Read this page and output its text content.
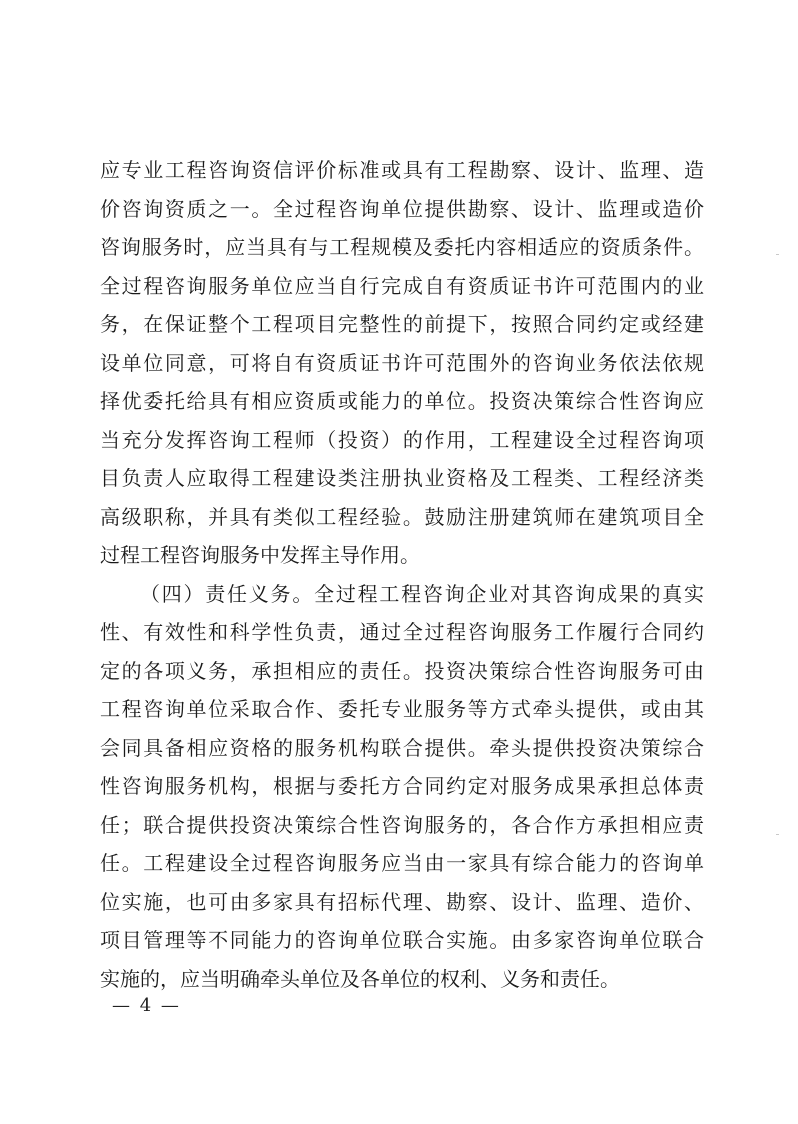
应专业工程咨询资信评价标准或具有工程勘察、设计、监理、造
价咨询资质之一。全过程咨询单位提供勘察、设计、监理或造价
咨询服务时，应当具有与工程规模及委托内容相适应的资质条件。
全过程咨询服务单位应当自行完成自有资质证书许可范围内的业
务，在保证整个工程项目完整性的前提下，按照合同约定或经建
设单位同意，可将自有资质证书许可范围外的咨询业务依法依规
择优委托给具有相应资质或能力的单位。投资决策综合性咨询应
当充分发挥咨询工程师（投资）的作用，工程建设全过程咨询项
目负责人应取得工程建设类注册执业资格及工程类、工程经济类
高级职称，并具有类似工程经验。鼓励注册建筑师在建筑项目全
过程工程咨询服务中发挥主导作用。
（四）责任义务。全过程工程咨询企业对其咨询成果的真实
性、有效性和科学性负责，通过全过程咨询服务工作履行合同约
定的各项义务，承担相应的责任。投资决策综合性咨询服务可由
工程咨询单位采取合作、委托专业服务等方式牵头提供，或由其
会同具备相应资格的服务机构联合提供。牵头提供投资决策综合
性咨询服务机构，根据与委托方合同约定对服务成果承担总体责
任；联合提供投资决策综合性咨询服务的，各合作方承担相应责
任。工程建设全过程咨询服务应当由一家具有综合能力的咨询单
位实施，也可由多家具有招标代理、勘察、设计、监理、造价、
项目管理等不同能力的咨询单位联合实施。由多家咨询单位联合
实施的，应当明确牵头单位及各单位的权利、义务和责任。
— 4 —
